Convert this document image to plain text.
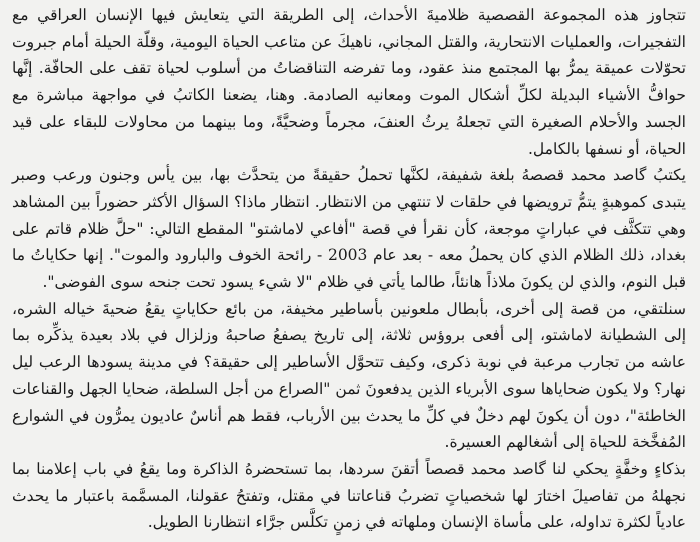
تتجاوز هذه المجموعة القصصية ظلاميةَ الأحداث، إلى الطريقة التي يتعايش فيها الإنسان العراقي مع التفجيرات، والعمليات الانتحارية، والقتل المجاني، ناهيكَ عن متاعب الحياة اليومية، وقلّة الحيلة أمام جبروت تحوّلات عميقة يمرُّ بها المجتمع منذ عقود، وما تفرضه التناقضاتُ من أسلوب لحياة تقف على الحافّة. إنَّها حوافُّ الأشياء البديلة لكلِّ أشكال الموت ومعانيه الصادمة. وهنا، يضعنا الكاتبُ في مواجهة مباشرة مع الجسد والأحلام الصغيرة التي تجعلهُ يرثُ العنفَ، مجرماً وضحيَّةً، وما بينهما من محاولات للبقاء على قيد الحياة، أو نسفها بالكامل.

يكتبُ گاصد محمد قصصهُ بلغة شفيفة، لكنَّها تحملُ حقيقةً من يتحدَّث بها، بين يأس وجنون ورعب وصبر يتبدى كموهبةٍ يتمُّ ترويضها في حلقات لا تنتهي من الانتظار. انتظار ماذا؟ السؤال الأكثر حضوراً بين المشاهد وهي تتكثَّف في عباراتٍ موجعة، كأن نقرأ في قصة "أفاعي لاماشتو" المقطع التالي: "حلَّ ظلام قاتم على بغداد، ذلك الظلام الذي كان يحملُ معه - بعد عام 2003 - رائحة الخوف والبارود والموت". إنها حكاياتُ ما قبل النوم، والذي لن يكونَ ملاذاً هانئاً، طالما يأتي في ظلام "لا شيء يسود تحت جنحه سوى الفوضى".

سنلتقي، من قصة إلى أخرى، بأبطال ملعونين بأساطير مخيفة، من بائع حكاياتٍ يقعُ ضحيةَ خياله الشره، إلى الشطيانة لاماشتو، إلى أفعى بروؤس ثلاثة، إلى تاريخ يصفعُ صاحبهُ وزلزال في بلاد بعيدة يذكِّره بما عاشه من تجارب مرعبة في نوبة ذكرى، وكيف تتحوَّل الأساطير إلى حقيقة؟ في مدينة يسودها الرعب ليل نهار؟ ولا يكون ضحاياها سوى الأبرياء الذين يدفعونَ ثمن "الصراع من أجل السلطة، ضحايا الجهل والقناعات الخاطئة"، دون أن يكونَ لهم دخلٌ في كلِّ ما يحدث بين الأرباب، فقط هم أناسٌ عاديون يمرُّون في الشوارع المُفخَّخة للحياة إلى أشغالهم العسيرة.

بذكاءٍ وخفَّةٍ يحكي لنا گاصد محمد قصصاً أتقنَ سردها، بما تستحضرهُ الذاكرة وما يقعُ في باب إعلامنا بما نجهلهُ من تفاصيلَ اختارَ لها شخصياتٍ تضربُ قناعاتنا في مقتل، وتفتحُ عقولنا، المسمَّمة باعتبار ما يحدث عادياً لكثرة تداوله، على مأساة الإنسان وملهاته في زمنٍ تكلَّس جرَّاء انتظارنا الطويل.
